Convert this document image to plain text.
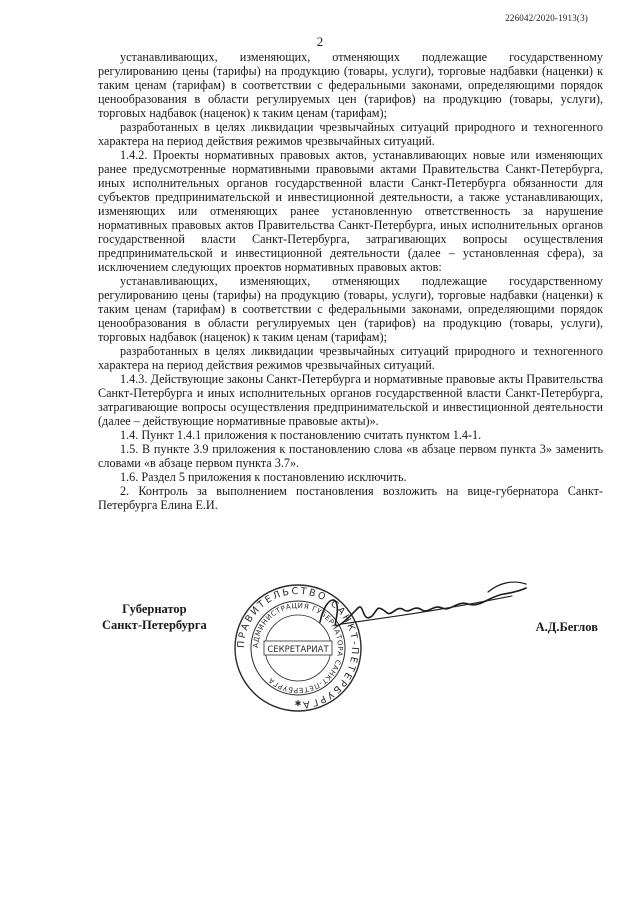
226042/2020-1913(3)
2

устанавливающих, изменяющих, отменяющих подлежащие государственному регулированию цены (тарифы) на продукцию (товары, услуги), торговые надбавки (наценки) к таким ценам (тарифам) в соответствии с федеральными законами, определяющими порядок ценообразования в области регулируемых цен (тарифов) на продукцию (товары, услуги), торговых надбавок (наценок) к таким ценам (тарифам);

разработанных в целях ликвидации чрезвычайных ситуаций природного и техногенного характера на период действия режимов чрезвычайных ситуаций.

1.4.2. Проекты нормативных правовых актов, устанавливающих новые или изменяющих ранее предусмотренные нормативными правовыми актами Правительства Санкт-Петербурга, иных исполнительных органов государственной власти Санкт-Петербурга обязанности для субъектов предпринимательской и инвестиционной деятельности, а также устанавливающих, изменяющих или отменяющих ранее установленную ответственность за нарушение нормативных правовых актов Правительства Санкт-Петербурга, иных исполнительных органов государственной власти Санкт-Петербурга, затрагивающих вопросы осуществления предпринимательской и инвестиционной деятельности (далее – установленная сфера), за исключением следующих проектов нормативных правовых актов:

устанавливающих, изменяющих, отменяющих подлежащие государственному регулированию цены (тарифы) на продукцию (товары, услуги), торговые надбавки (наценки) к таким ценам (тарифам) в соответствии с федеральными законами, определяющими порядок ценообразования в области регулируемых цен (тарифов) на продукцию (товары, услуги), торговых надбавок (наценок) к таким ценам (тарифам);

разработанных в целях ликвидации чрезвычайных ситуаций природного и техногенного характера на период действия режимов чрезвычайных ситуаций.

1.4.3. Действующие законы Санкт-Петербурга и нормативные правовые акты Правительства Санкт-Петербурга и иных исполнительных органов государственной власти Санкт-Петербурга, затрагивающие вопросы осуществления предпринимательской и инвестиционной деятельности (далее – действующие нормативные правовые акты)».

1.4. Пункт 1.4.1 приложения к постановлению считать пунктом 1.4-1.

1.5. В пункте 3.9 приложения к постановлению слова «в абзаце первом пункта 3» заменить словами «в абзаце первом пункта 3.7».

1.6. Раздел 5 приложения к постановлению исключить.

2. Контроль за выполнением постановления возложить на вице-губернатора Санкт-Петербурга Елина Е.И.

Губернатор
Санкт-Петербурга
ПРАВИТЕЛЬСТВО САНКТ-ПЕТЕРБУРГА
АДМИНИСТРАЦИЯ ГУБЕРНАТОРА САНКТ-ПЕТЕРБУРГА
СЕКРЕТАРИАТ
✱
А.Д.Беглов
